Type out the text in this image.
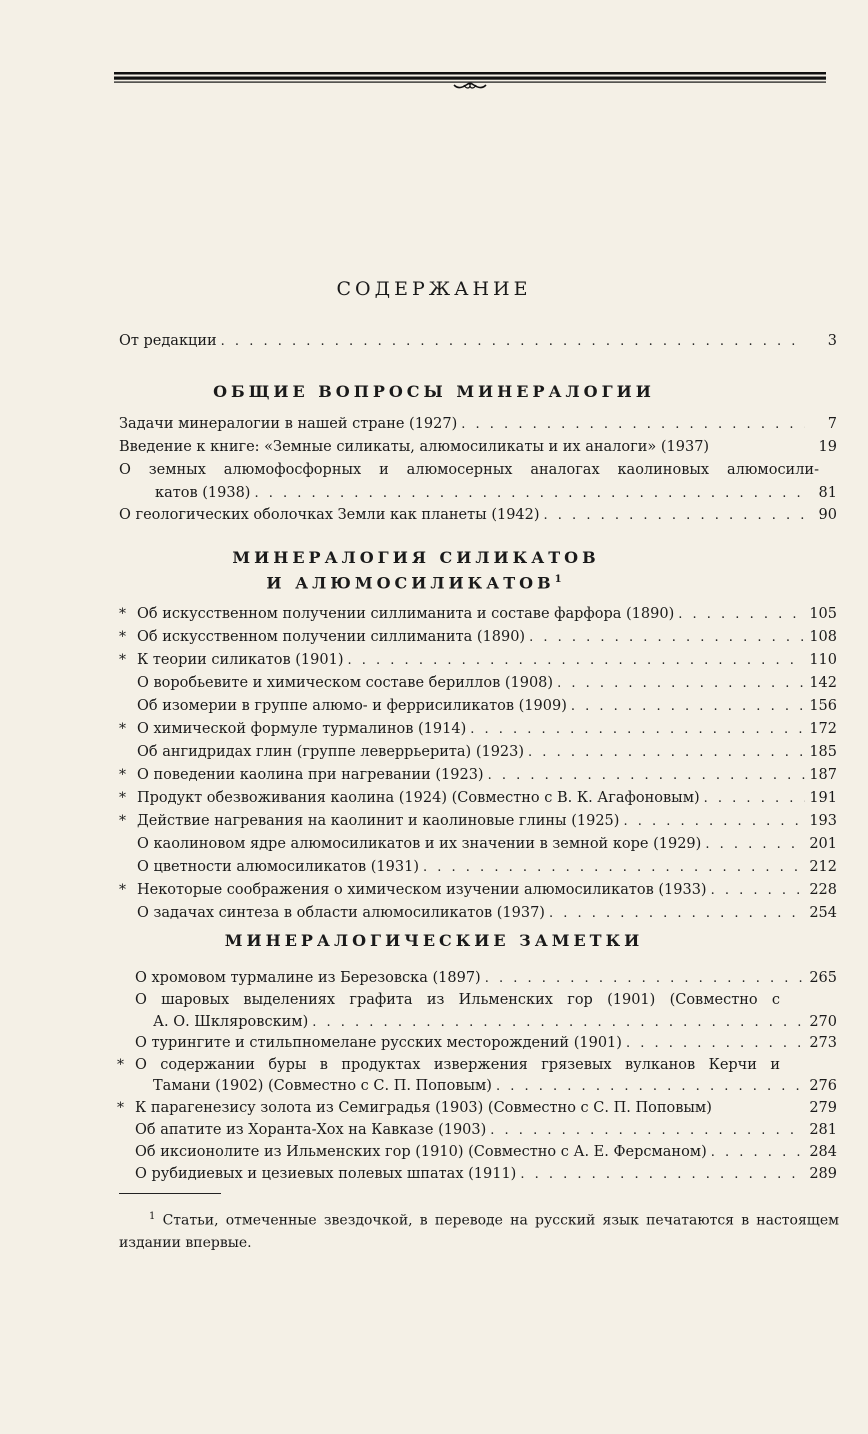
СОДЕРЖАНИЕ
От редакции . . .	3
ОБЩИЕ ВОПРОСЫ МИНЕРАЛОГИИ
Задачи минералогии в нашей стране (1927) . . .	7
Введение к книге: «Земные силикаты, алюмосиликаты и их аналоги» (1937)	19
О земных алюмофосфорных и алюмосерных аналогах каолиновых алюмосили-
катов (1938) . . .	81
О геологических оболочках Земли как планеты (1942) . . .	90
МИНЕРАЛОГИЯ СИЛИКАТОВ
И АЛЮМОСИЛИКАТОВ$^1$
* Об искусственном получении силлиманита и составе фарфора (1890) . . .	105
* Об искусственном получении силлиманита (1890) . . .	108
* К теории силикатов (1901) . . .	110
О воробьевите и химическом составе бериллов (1908) . . .	142
Об изомерии в группе алюмо- и феррисиликатов (1909) . . .	156
* О химической формуле турмалинов (1914) . . .	172
Об ангидридах глин (группе леверрьерита) (1923) . . .	185
* О поведении каолина при нагревании (1923) . . .	187
* Продукт обезвоживания каолина (1924) (Совместно с В. К. Агафоновым) . . .	191
* Действие нагревания на каолинит и каолиновые глины (1925) . . .	193
О каолиновом ядре алюмосиликатов и их значении в земной коре (1929) . . .	201
О цветности алюмосиликатов (1931) . . .	212
* Некоторые соображения о химическом изучении алюмосиликатов (1933) . . .	228
О задачах синтеза в области алюмосиликатов (1937) . . .	254
МИНЕРАЛОГИЧЕСКИЕ ЗАМЕТКИ
О хромовом турмалине из Березовска (1897) . . .	265
О шаровых выделениях графита из Ильменских гор (1901) (Совместно с
А. О. Шкляровским) . . .	270
О турингите и стильпномелане русских месторождений (1901) . . .	273
* О содержании буры в продуктах извержения грязевых вулканов Керчи и
Тамани (1902) (Совместно с С. П. Поповым) . . .	276
* К парагенезису золота из Семиградья (1903) (Совместно с С. П. Поповым)	279
Об апатите из Хоранта-Хох на Кавказе (1903) . . .	281
Об иксионолите из Ильменских гор (1910) (Совместно с А. Е. Ферсманом) . . .	284
О рубидиевых и цезиевых полевых шпатах (1911) . . .	289
$^1$ Статьи, отмеченные звездочкой, в переводе на русский язык печатаются в настоящем издании впервые.
